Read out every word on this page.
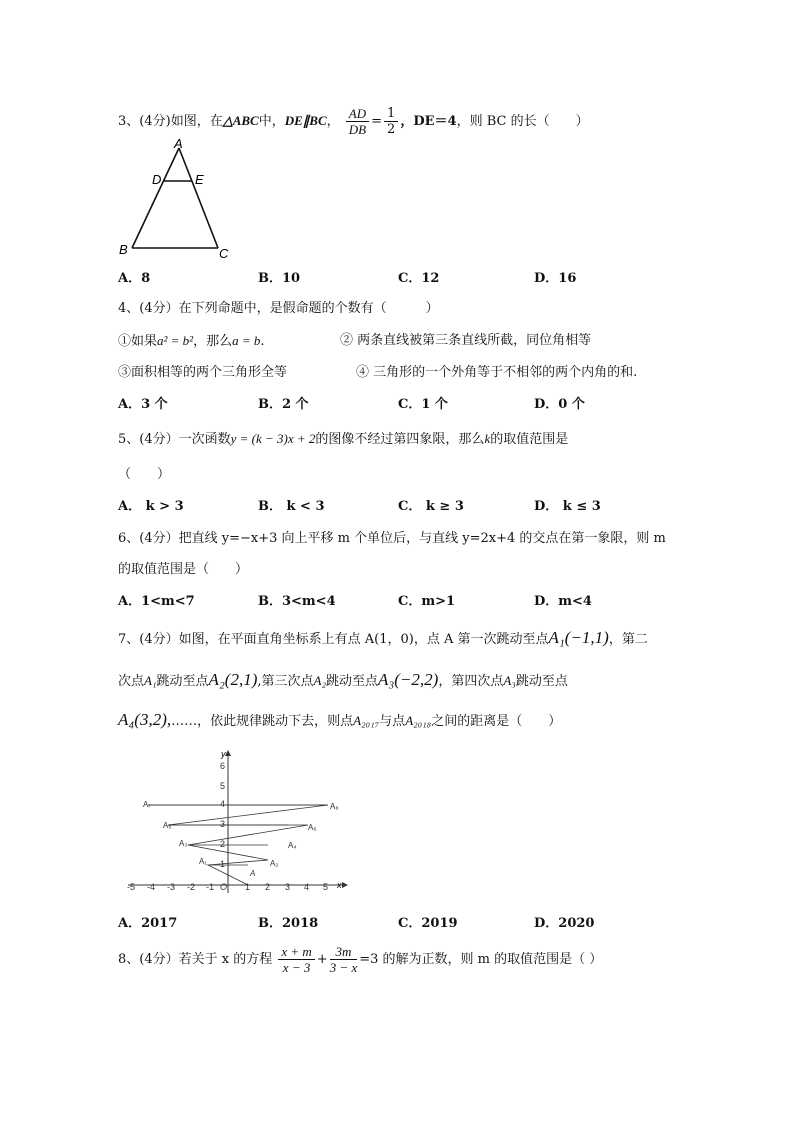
3、(4分)如图，在△ABC中，DE∥BC， $\frac{AD}{DB} = \frac{1}{2}$ ，DE＝4，则 BC 的长（　　）
A
D	E
B	C
A．8	B．10	C．12	D．16
4、(4分）在下列命题中，是假命题的个数有（　　　）
①如果a² = b²，那么a = b.	② 两条直线被第三条直线所截，同位角相等
③面积相等的两个三角形全等	④ 三角形的一个外角等于不相邻的两个内角的和.
A．3 个	B．2 个	C．1 个	D．0 个
5、(4分）一次函数y = (k − 3)x + 2的图像不经过第四象限，那么k的取值范围是
（　　）
A． k > 3	B． k < 3	C． k ≥ 3	D． k ≤ 3
6、(4分）把直线 y=−x+3 向上平移 m 个单位后，与直线 y=2x+4 的交点在第一象限，则 m
的取值范围是（　　）
A．1<m<7	B．3<m<4	C．m>1	D．m<4
7、(4分）如图，在平面直角坐标系上有点 A(1，0)，点 A 第一次跳动至点A₁(−1,1)，第二
次点A₁跳动至点A₂(2,1),第三次点A₂跳动至点A₃(−2,2)，第四次点A₃跳动至点
A₄(3,2),……，依此规律跳动下去，则点A₂₀₁₇与点A₂₀₁₈之间的距离是（　　）
x
y
-5 -4 -3 -2 -1 O 1 2 3 4 5
1
2
3
4
5
6
A
A₁	A₂
A₃	A₄
A₅	A₆
A₇	A₈
A．2017	B．2018	C．2019	D．2020
8、(4分）若关于 x 的方程 $\frac{x + m}{x - 3} + \frac{3m}{3 - x} =3$ 的解为正数，则 m 的取值范围是（ ）
